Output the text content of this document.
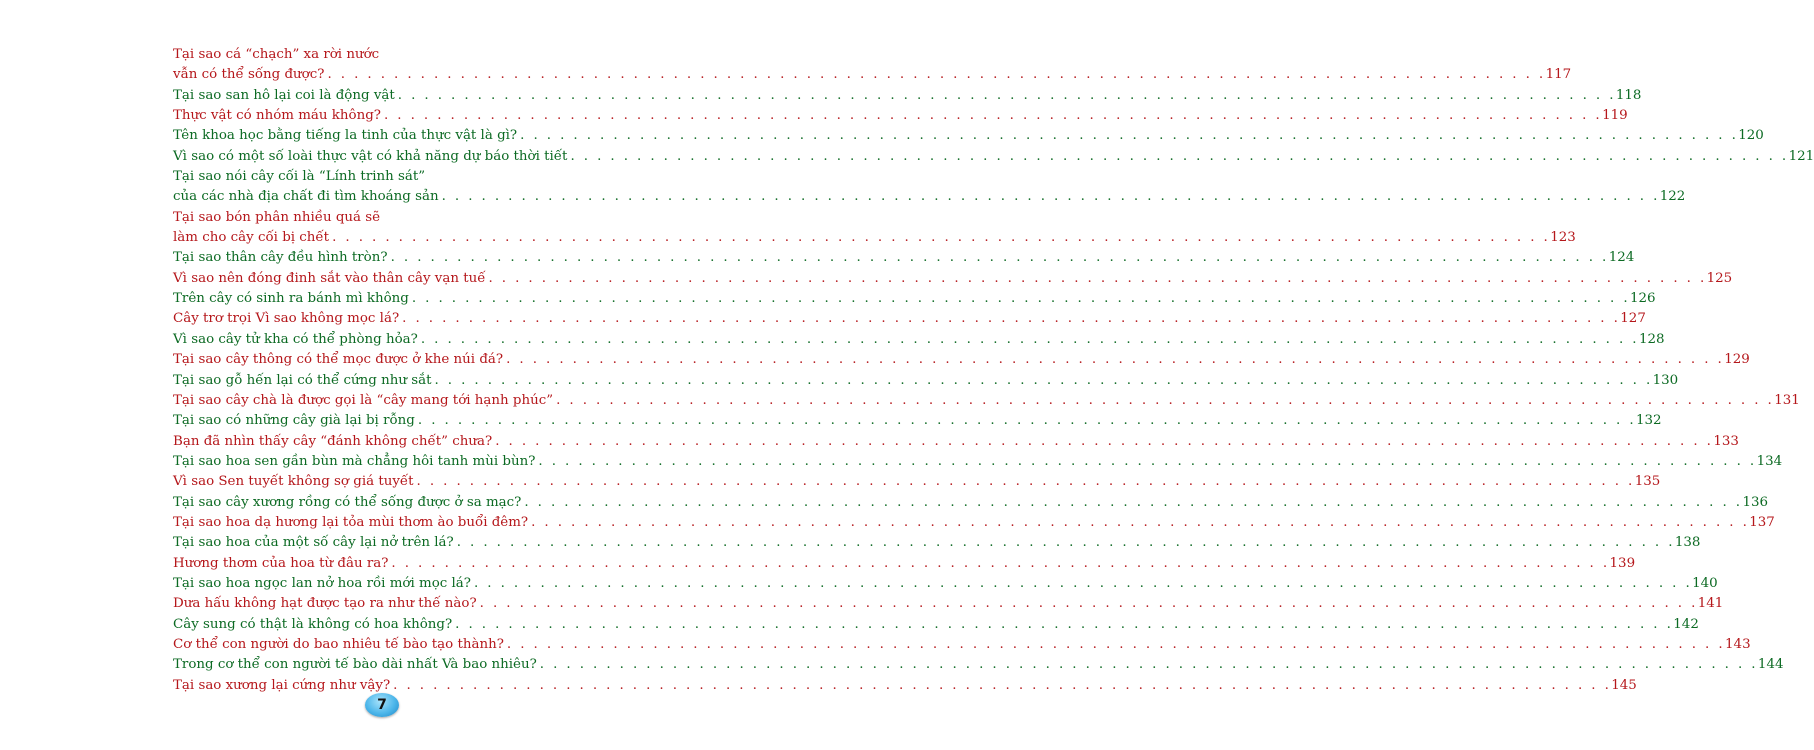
Tại sao cá “chạch” xa rời nước
vẫn có thể sống được? . . .	117
Tại sao san hô lại coi là động vật . . .	118
Thực vật có nhóm máu không? . . .	119
Tên khoa học bằng tiếng la tinh của thực vật là gì? . . .	120
Vì sao có một số loài thực vật có khả năng dự báo thời tiết . . .	121
Tại sao nói cây cối là “Lính trinh sát”
của các nhà địa chất đi tìm khoáng sản . . .	122
Tại sao bón phân nhiều quá sẽ
làm cho cây cối bị chết . . .	123
Tại sao thân cây đều hình tròn? . . .	124
Vì sao nên đóng đinh sắt vào thân cây vạn tuế . . .	125
Trên cây có sinh ra bánh mì không . . .	126
Cây trơ trọi Vì sao không mọc lá? . . .	127
Vì sao cây tử kha có thể phòng hỏa? . . .	128
Tại sao cây thông có thể mọc được ở khe núi đá? . . .	129
Tại sao gỗ hến lại có thể cứng như sắt . . .	130
Tại sao cây chà là được gọi là “cây mang tới hạnh phúc” . . .	131
Tại sao có những cây già lại bị rỗng . . .	132
Bạn đã nhìn thấy cây “đánh không chết” chưa? . . .	133
Tại sao hoa sen gần bùn mà chẳng hôi tanh mùi bùn? . . .	134
Vì sao Sen tuyết không sợ giá tuyết . . .	135
Tại sao cây xương rồng có thể sống được ở sa mạc? . . .	136
Tại sao hoa dạ hương lại tỏa mùi thơm ào buổi đêm? . . .	137
Tại sao hoa của một số cây lại nở trên lá? . . .	138
Hương thơm của hoa từ đâu ra? . . .	139
Tại sao hoa ngọc lan nở hoa rồi mới mọc lá? . . .	140
Dưa hấu không hạt được tạo ra như thế nào? . . .	141
Cây sung có thật là không có hoa không? . . .	142
Cơ thể con người do bao nhiêu tế bào tạo thành? . . .	143
Trong cơ thể con người tế bào dài nhất Và bao nhiêu? . . .	144
Tại sao xương lại cứng như vậy? . . .	145
7
